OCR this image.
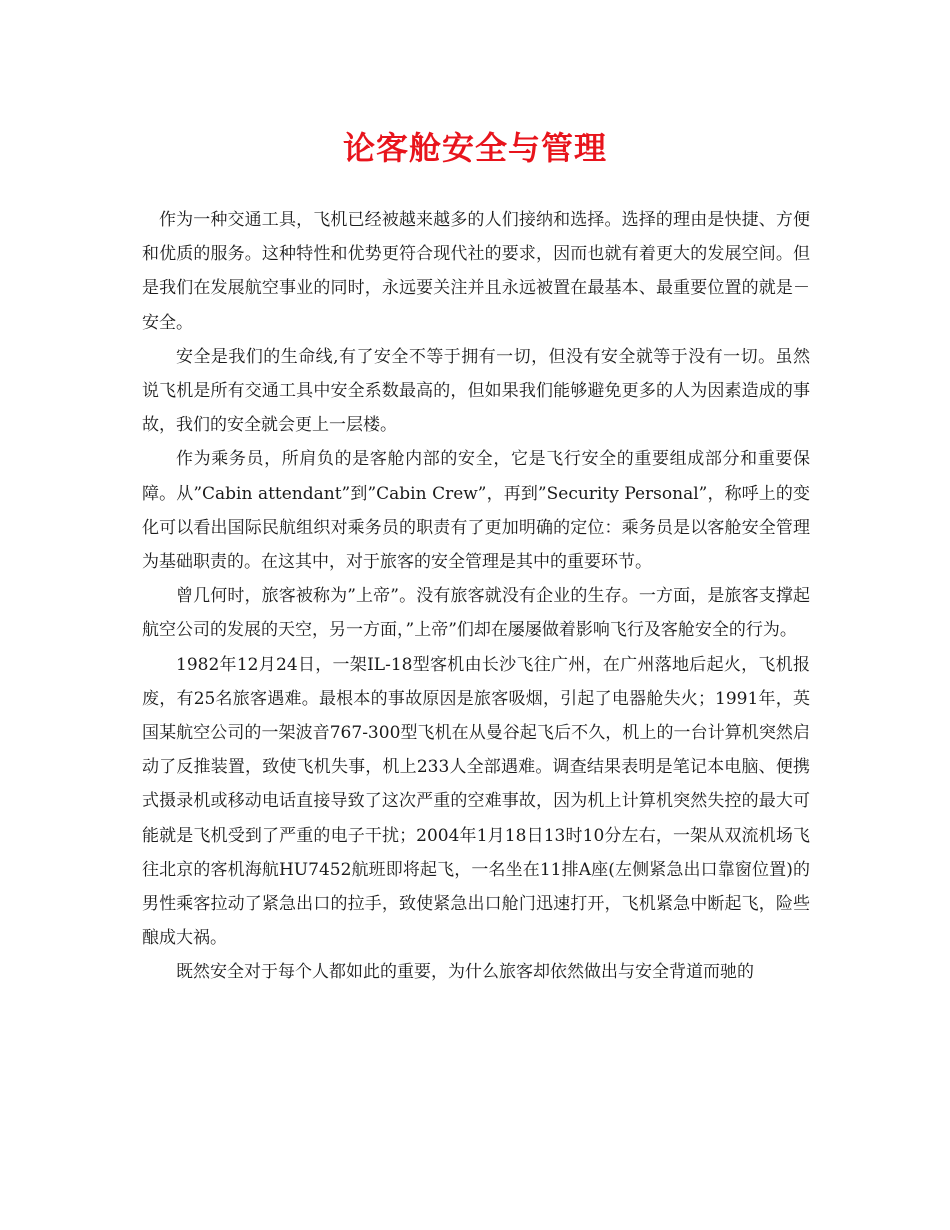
论客舱安全与管理

作为一种交通工具，飞机已经被越来越多的人们接纳和选择。选择的理由是快捷、方便和优质的服务。这种特性和优势更符合现代社的要求，因而也就有着更大的发展空间。但是我们在发展航空事业的同时，永远要关注并且永远被置在最基本、最重要位置的就是－安全。

安全是我们的生命线,有了安全不等于拥有一切，但没有安全就等于没有一切。虽然说飞机是所有交通工具中安全系数最高的，但如果我们能够避免更多的人为因素造成的事故，我们的安全就会更上一层楼。

作为乘务员，所肩负的是客舱内部的安全，它是飞行安全的重要组成部分和重要保障。从”Cabin attendant”到”Cabin Crew”，再到”Security Personal”，称呼上的变化可以看出国际民航组织对乘务员的职责有了更加明确的定位：乘务员是以客舱安全管理为基础职责的。在这其中，对于旅客的安全管理是其中的重要环节。

曾几何时，旅客被称为”上帝”。没有旅客就没有企业的生存。一方面，是旅客支撑起航空公司的发展的天空，另一方面，”上帝”们却在屡屡做着影响飞行及客舱安全的行为。

1982年12月24日，一架IL-18型客机由长沙飞往广州，在广州落地后起火，飞机报废，有25名旅客遇难。最根本的事故原因是旅客吸烟，引起了电器舱失火；1991年，英国某航空公司的一架波音767-300型飞机在从曼谷起飞后不久，机上的一台计算机突然启动了反推装置，致使飞机失事，机上233人全部遇难。调查结果表明是笔记本电脑、便携式摄录机或移动电话直接导致了这次严重的空难事故，因为机上计算机突然失控的最大可能就是飞机受到了严重的电子干扰；2004年1月18日13时10分左右，一架从双流机场飞往北京的客机海航HU7452航班即将起飞，一名坐在11排A座(左侧紧急出口靠窗位置)的男性乘客拉动了紧急出口的拉手，致使紧急出口舱门迅速打开，飞机紧急中断起飞，险些酿成大祸。

既然安全对于每个人都如此的重要，为什么旅客却依然做出与安全背道而驰的
